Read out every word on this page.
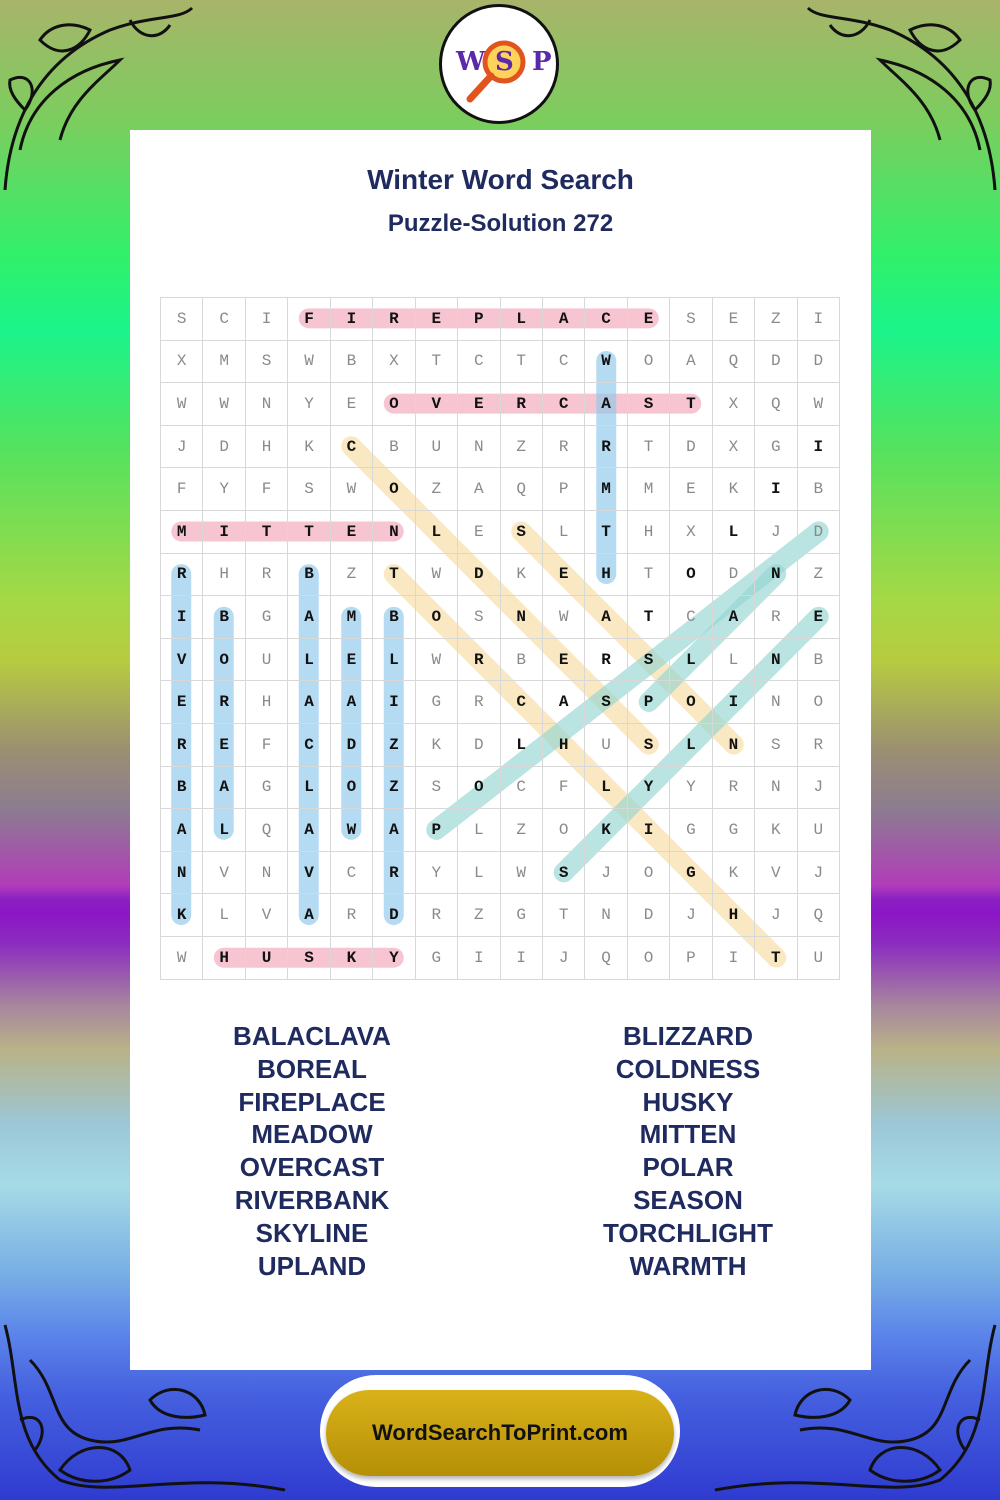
W S P
Winter Word Search
Puzzle-Solution 272
S	C	I	F	I	R	E	P	L	A	C	E	S	E	Z	I
X	M	S	W	B	X	T	C	T	C	W	O	A	Q	D	D
W	W	N	Y	E	O	V	E	R	C	A	S	T	X	Q	W
J	D	H	K	C	B	U	N	Z	R	R	T	D	X	G	I
F	Y	F	S	W	O	Z	A	Q	P	M	M	E	K	I	B
M	I	T	T	E	N	L	E	S	L	T	H	X	L	J	D
R	H	R	B	Z	T	W	D	K	E	H	T	O	D	N	Z
I	B	G	A	M	B	O	S	N	W	A	T	C	A	R	E
V	O	U	L	E	L	W	R	B	E	R	S	L	L	N	B
E	R	H	A	A	I	G	R	C	A	S	P	O	I	N	O
R	E	F	C	D	Z	K	D	L	H	U	S	L	N	S	R
B	A	G	L	O	Z	S	O	C	F	L	Y	Y	R	N	J
A	L	Q	A	W	A	P	L	Z	O	K	I	G	G	K	U
N	V	N	V	C	R	Y	L	W	S	J	O	G	K	V	J
K	L	V	A	R	D	R	Z	G	T	N	D	J	H	J	Q
W	H	U	S	K	Y	G	I	I	J	Q	O	P	I	T	U
BALACLAVA
BOREAL
FIREPLACE
MEADOW
OVERCAST
RIVERBANK
SKYLINE
UPLAND
BLIZZARD
COLDNESS
HUSKY
MITTEN
POLAR
SEASON
TORCHLIGHT
WARMTH
WordSearchToPrint.com
